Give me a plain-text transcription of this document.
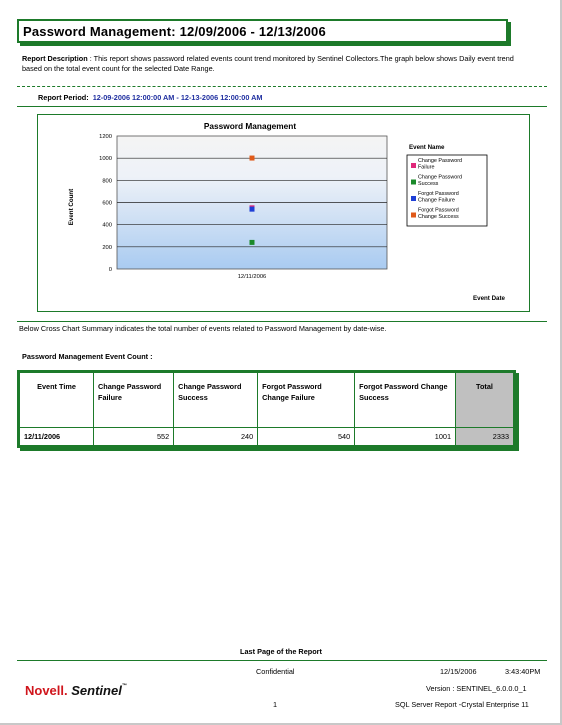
Password Management: 12/09/2006 - 12/13/2006
Report Description : This report shows password related events count trend monitored by Sentinel Collectors.The graph below shows Daily event trend based on the total event count for the selected Date Range.
Report Period: 12-09-2006 12:00:00 AM - 12-13-2006 12:00:00 AM
Password Management
0
200
400
600
800
1000
1200
12/11/2006
Event Count
Event Date
Event Name
Change Password Failure
Change Password Success
Forgot Password Change Failure
Forgot Password Change Success
Below Cross Chart Summary indicates the total number of events related to Password Management by date-wise.
Password Management Event Count :
Event Time	Change Password Failure	Change Password Success	Forgot Password Change Failure	Forgot Password Change Success	Total
12/11/2006	552	240	540	1001	2333
Last Page of the Report
Confidential	12/15/2006	3:43:40PM
Version : SENTINEL_6.0.0.0_1
1	SQL Server Report -Crystal Enterprise 11
Novell. Sentinel™
